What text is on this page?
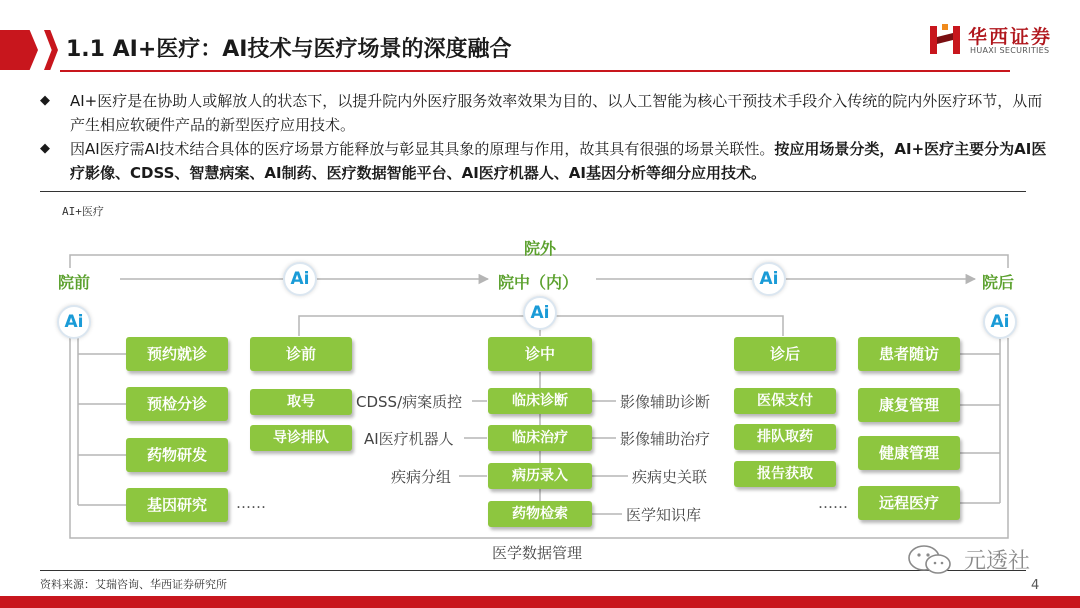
1.1 AI+医疗：AI技术与医疗场景的深度融合	华西证券
HUAXI SECURITIES
◆ AI+医疗是在协助人或解放人的状态下，以提升院内外医疗服务效率效果为目的、以人工智能为核心干预技术手段介入传统的院内外医疗环节，从而产生相应软硬件产品的新型医疗应用技术。
◆ 因AI医疗需AI技术结合具体的医疗场景方能释放与彰显其具象的原理与作用，故其具有很强的场景关联性。按应用场景分类，AI+医疗主要分为AI医疗影像、CDSS、智慧病案、AI制药、医疗数据智能平台、AI医疗机器人、AI基因分析等细分应用技术。
AI+医疗
院外
院前	院中（内）	院后
Ai	Ai
Ai	Ai	Ai
预约就诊
预检分诊
药物研发
基因研究	……
诊前
取号
导诊排队
诊中
临床诊断
临床治疗
病历录入
药物检索
CDSS/病案质控
AI医疗机器人
疾病分组
影像辅助诊断
影像辅助治疗
疾病史关联
医学知识库
诊后
医保支付
排队取药
报告获取
患者随访
康复管理
健康管理
远程医疗
……
医学数据管理
资料来源：艾瑞咨询、华西证券研究所
元透社
4
